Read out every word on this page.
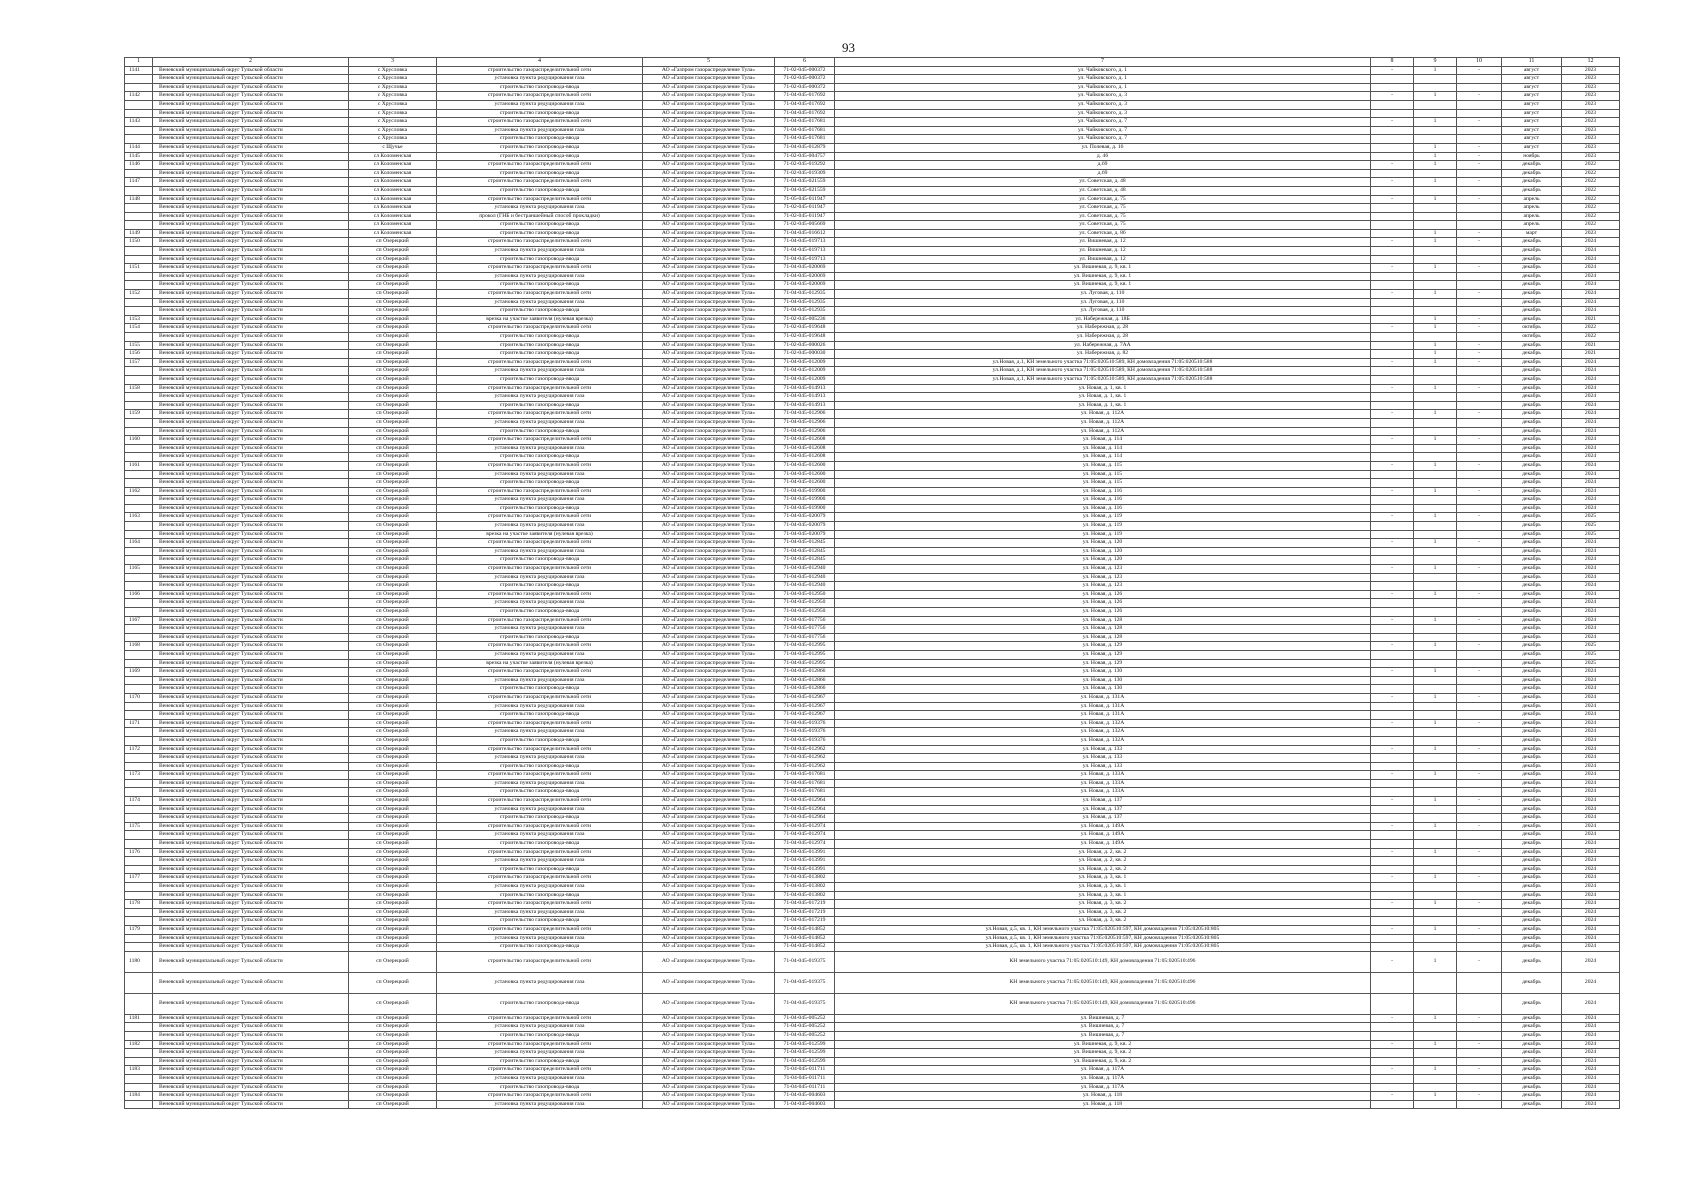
93
1	2	3	4	5	6	7	8	9	10	11	12
1141	Веневский муниципальный округ Тульской области	с Хрусловка	строительство газораспределительной сети	АО «Газпром газораспределение Тула»	71-02-045-000372	ул. Чайковского, д. 1	-	1	-	август	2023
	Веневский муниципальный округ Тульской области	с Хрусловка	установка пункта редуцирования газа	АО «Газпром газораспределение Тула»	71-02-045-000372	ул. Чайковского, д. 1				август	2023
	Веневский муниципальный округ Тульской области	с Хрусловка	строительство газопровода-ввода	АО «Газпром газораспределение Тула»	71-02-045-000372	ул. Чайковского, д. 1				август	2023
1142	Веневский муниципальный округ Тульской области	с Хрусловка	строительство газораспределительной сети	АО «Газпром газораспределение Тула»	71-04-045-017692	ул. Чайковского, д. 3	-	1	-	август	2023
	Веневский муниципальный округ Тульской области	с Хрусловка	установка пункта редуцирования газа	АО «Газпром газораспределение Тула»	71-04-045-017692	ул. Чайковского, д. 3				август	2023
	Веневский муниципальный округ Тульской области	с Хрусловка	строительство газопровода-ввода	АО «Газпром газораспределение Тула»	71-04-045-017692	ул. Чайковского, д. 3				август	2023
1143	Веневский муниципальный округ Тульской области	с Хрусловка	строительство газораспределительной сети	АО «Газпром газораспределение Тула»	71-04-045-017681	ул. Чайковского, д. 7	-	1	-	август	2023
	Веневский муниципальный округ Тульской области	с Хрусловка	установка пункта редуцирования газа	АО «Газпром газораспределение Тула»	71-04-045-017681	ул. Чайковского, д. 7				август	2023
	Веневский муниципальный округ Тульской области	с Хрусловка	строительство газопровода-ввода	АО «Газпром газораспределение Тула»	71-04-045-017681	ул. Чайковского, д. 7				август	2023
1144	Веневский муниципальный округ Тульской области	с Щучье	строительство газопровода-ввода	АО «Газпром газораспределение Тула»	71-04-045-012879	ул. Полевая, д. 16		1	-	август	2023
1145	Веневский муниципальный округ Тульской области	сл Коломенская	строительство газопровода-ввода	АО «Газпром газораспределение Тула»	71-02-045-004757	д. 46		1	-	ноябрь	2023
1146	Веневский муниципальный округ Тульской области	сл Коломенская	строительство газораспределительной сети	АО «Газпром газораспределение Тула»	71-02-045-019292	д.69	-	1	-	декабрь	2022
	Веневский муниципальный округ Тульской области	сл Коломенская	строительство газопровода-ввода	АО «Газпром газораспределение Тула»	71-02-045-019309	д.69				декабрь	2022
1147	Веневский муниципальный округ Тульской области	сл Коломенская	строительство газораспределительной сети	АО «Газпром газораспределение Тула»	71-04-045-021559	ул. Советская, д. 48	-	1	-	декабрь	2022
	Веневский муниципальный округ Тульской области	сл Коломенская	строительство газопровода-ввода	АО «Газпром газораспределение Тула»	71-04-045-021559	ул. Советская, д. 48				декабрь	2022
1148	Веневский муниципальный округ Тульской области	сл Коломенская	строительство газораспределительной сети	АО «Газпром газораспределение Тула»	71-05-045-011947	ул. Советская, д. 75	-	1	-	апрель	2022
	Веневский муниципальный округ Тульской области	сл Коломенская	установка пункта редуцирования газа	АО «Газпром газораспределение Тула»	71-02-045-011947	ул. Советская, д. 75				апрель	2022
	Веневский муниципальный округ Тульской области	сл Коломенская	прокол (ГНБ и бестраншейный способ прокладки)	АО «Газпром газораспределение Тула»	71-02-045-011947	ул. Советская, д. 75				апрель	2022
	Веневский муниципальный округ Тульской области	сл Коломенская	строительство газопровода-ввода	АО «Газпром газораспределение Тула»	71-02-045-005669	ул. Советская, д. 75				апрель	2022
1149	Веневский муниципальный округ Тульской области	сл Коломенская	строительство газопровода-ввода	АО «Газпром газораспределение Тула»	71-04-045-016612	ул. Советская, д. 86		1	-	март	2023
1150	Веневский муниципальный округ Тульской области	сп Озерецкий	строительство газораспределительной сети	АО «Газпром газораспределение Тула»	71-04-045-019713	ул. Вишневая, д. 12	-	1	-	декабрь	2024
	Веневский муниципальный округ Тульской области	сп Озерецкий	установка пункта редуцирования газа	АО «Газпром газораспределение Тула»	71-04-045-019713	ул. Вишневая, д. 12				декабрь	2024
	Веневский муниципальный округ Тульской области	сп Озерецкий	строительство газопровода-ввода	АО «Газпром газораспределение Тула»	71-04-045-019713	ул. Вишневая, д. 12				декабрь	2024
1151	Веневский муниципальный округ Тульской области	сп Озерецкий	строительство газораспределительной сети	АО «Газпром газораспределение Тула»	71-04-045-020069	ул. Вишневая, д. 9, кв. 1	-	1	-	декабрь	2024
	Веневский муниципальный округ Тульской области	сп Озерецкий	установка пункта редуцирования газа	АО «Газпром газораспределение Тула»	71-04-045-020069	ул. Вишневая, д. 9, кв. 1				декабрь	2024
	Веневский муниципальный округ Тульской области	сп Озерецкий	строительство газопровода-ввода	АО «Газпром газораспределение Тула»	71-04-045-020069	ул. Вишневая, д. 9, кв. 1				декабрь	2024
1152	Веневский муниципальный округ Тульской области	сп Озерецкий	строительство газораспределительной сети	АО «Газпром газораспределение Тула»	71-04-045-012935	ул. Луговая, д. 110	-	1	-	декабрь	2024
	Веневский муниципальный округ Тульской области	сп Озерецкий	установка пункта редуцирования газа	АО «Газпром газораспределение Тула»	71-04-045-012935	ул. Луговая, д. 110				декабрь	2024
	Веневский муниципальный округ Тульской области	сп Озерецкий	строительство газопровода-ввода	АО «Газпром газораспределение Тула»	71-04-045-012935	ул. Луговая, д. 110				декабрь	2024
1153	Веневский муниципальный округ Тульской области	сп Озерецкий	врезка на участке заявителя (нулевая врезка)	АО «Газпром газораспределение Тула»	71-02-045-005236	ул. Набережная, д. 18Б		1	-	декабрь	2021
1154	Веневский муниципальный округ Тульской области	сп Озерецкий	строительство газораспределительной сети	АО «Газпром газораспределение Тула»	71-02-045-019648	ул. Набережная, д. 28	-	1	-	октябрь	2022
	Веневский муниципальный округ Тульской области	сп Озерецкий	строительство газопровода-ввода	АО «Газпром газораспределение Тула»	71-02-045-019648	ул. Набережная, д. 28				октябрь	2022
1155	Веневский муниципальный округ Тульской области	сп Озерецкий	строительство газопровода-ввода	АО «Газпром газораспределение Тула»	71-02-045-000026	ул. Набережная, д. 7АА		1	-	декабрь	2021
1156	Веневский муниципальный округ Тульской области	сп Озерецкий	строительство газопровода-ввода	АО «Газпром газораспределение Тула»	71-02-045-000030	ул. Набережная, д. 82		1	-	декабрь	2021
1157	Веневский муниципальный округ Тульской области	сп Озерецкий	строительство газораспределительной сети	АО «Газпром газораспределение Тула»	71-04-045-012009	ул.Новая, д.1, КН земельного участка 71:05:020510:589, КН домовладения 71:05:020510:588	-	1	-	декабрь	2024
	Веневский муниципальный округ Тульской области	сп Озерецкий	установка пункта редуцирования газа	АО «Газпром газораспределение Тула»	71-04-045-012009	ул.Новая, д.1, КН земельного участка 71:05:020510:589, КН домовладения 71:05:020510:588				декабрь	2024
	Веневский муниципальный округ Тульской области	сп Озерецкий	строительство газопровода-ввода	АО «Газпром газораспределение Тула»	71-04-045-012009	ул.Новая, д.1, КН земельного участка 71:05:020510:589, КН домовладения 71:05:020510:588				декабрь	2024
1158	Веневский муниципальный округ Тульской области	сп Озерецкий	строительство газораспределительной сети	АО «Газпром газораспределение Тула»	71-04-045-014913	ул. Новая, д. 1, кв. 1	-	1	-	декабрь	2024
	Веневский муниципальный округ Тульской области	сп Озерецкий	установка пункта редуцирования газа	АО «Газпром газораспределение Тула»	71-04-045-014913	ул. Новая, д. 1, кв. 1				декабрь	2024
	Веневский муниципальный округ Тульской области	сп Озерецкий	строительство газопровода-ввода	АО «Газпром газораспределение Тула»	71-04-045-014913	ул. Новая, д. 1, кв. 1				декабрь	2024
1159	Веневский муниципальный округ Тульской области	сп Озерецкий	строительство газораспределительной сети	АО «Газпром газораспределение Тула»	71-04-045-012906	ул. Новая, д. 112А	-	1	-	декабрь	2024
	Веневский муниципальный округ Тульской области	сп Озерецкий	установка пункта редуцирования газа	АО «Газпром газораспределение Тула»	71-04-045-012906	ул. Новая, д. 112А				декабрь	2024
	Веневский муниципальный округ Тульской области	сп Озерецкий	строительство газопровода-ввода	АО «Газпром газораспределение Тула»	71-04-045-012906	ул. Новая, д. 112А				декабрь	2024
1160	Веневский муниципальный округ Тульской области	сп Озерецкий	строительство газораспределительной сети	АО «Газпром газораспределение Тула»	71-04-045-012608	ул. Новая, д. 114	-	1	-	декабрь	2024
	Веневский муниципальный округ Тульской области	сп Озерецкий	установка пункта редуцирования газа	АО «Газпром газораспределение Тула»	71-04-045-012608	ул. Новая, д. 114				декабрь	2024
	Веневский муниципальный округ Тульской области	сп Озерецкий	строительство газопровода-ввода	АО «Газпром газораспределение Тула»	71-04-045-012608	ул. Новая, д. 114				декабрь	2024
1161	Веневский муниципальный округ Тульской области	сп Озерецкий	строительство газораспределительной сети	АО «Газпром газораспределение Тула»	71-04-045-012600	ул. Новая, д. 115	-	1	-	декабрь	2024
	Веневский муниципальный округ Тульской области	сп Озерецкий	установка пункта редуцирования газа	АО «Газпром газораспределение Тула»	71-04-045-012600	ул. Новая, д. 115				декабрь	2024
	Веневский муниципальный округ Тульской области	сп Озерецкий	строительство газопровода-ввода	АО «Газпром газораспределение Тула»	71-04-045-012600	ул. Новая, д. 115				декабрь	2024
1162	Веневский муниципальный округ Тульской области	сп Озерецкий	строительство газораспределительной сети	АО «Газпром газораспределение Тула»	71-04-045-019900	ул. Новая, д. 116	-	1	-	декабрь	2024
	Веневский муниципальный округ Тульской области	сп Озерецкий	установка пункта редуцирования газа	АО «Газпром газораспределение Тула»	71-04-045-019900	ул. Новая, д. 116				декабрь	2024
	Веневский муниципальный округ Тульской области	сп Озерецкий	строительство газопровода-ввода	АО «Газпром газораспределение Тула»	71-04-045-019900	ул. Новая, д. 116				декабрь	2024
1163	Веневский муниципальный округ Тульской области	сп Озерецкий	строительство газораспределительной сети	АО «Газпром газораспределение Тула»	71-04-045-020079	ул. Новая, д. 119	-	1	-	декабрь	2025
	Веневский муниципальный округ Тульской области	сп Озерецкий	установка пункта редуцирования газа	АО «Газпром газораспределение Тула»	71-04-045-020079	ул. Новая, д. 119				декабрь	2025
	Веневский муниципальный округ Тульской области	сп Озерецкий	врезка на участке заявителя (нулевая врезка)	АО «Газпром газораспределение Тула»	71-04-045-020079	ул. Новая, д. 119				декабрь	2025
1164	Веневский муниципальный округ Тульской области	сп Озерецкий	строительство газораспределительной сети	АО «Газпром газораспределение Тула»	71-04-045-012845	ул. Новая, д. 120	-	1	-	декабрь	2024
	Веневский муниципальный округ Тульской области	сп Озерецкий	установка пункта редуцирования газа	АО «Газпром газораспределение Тула»	71-04-045-012845	ул. Новая, д. 120				декабрь	2024
	Веневский муниципальный округ Тульской области	сп Озерецкий	строительство газопровода-ввода	АО «Газпром газораспределение Тула»	71-04-045-012845	ул. Новая, д. 120				декабрь	2024
1165	Веневский муниципальный округ Тульской области	сп Озерецкий	строительство газораспределительной сети	АО «Газпром газораспределение Тула»	71-04-045-012940	ул. Новая, д. 123	-	1	-	декабрь	2024
	Веневский муниципальный округ Тульской области	сп Озерецкий	установка пункта редуцирования газа	АО «Газпром газораспределение Тула»	71-04-045-012940	ул. Новая, д. 123				декабрь	2024
	Веневский муниципальный округ Тульской области	сп Озерецкий	строительство газопровода-ввода	АО «Газпром газораспределение Тула»	71-04-045-012940	ул. Новая, д. 123				декабрь	2024
1166	Веневский муниципальный округ Тульской области	сп Озерецкий	строительство газораспределительной сети	АО «Газпром газораспределение Тула»	71-04-045-012950	ул. Новая, д. 126	-	1	-	декабрь	2024
	Веневский муниципальный округ Тульской области	сп Озерецкий	установка пункта редуцирования газа	АО «Газпром газораспределение Тула»	71-04-045-012950	ул. Новая, д. 126				декабрь	2024
	Веневский муниципальный округ Тульской области	сп Озерецкий	строительство газопровода-ввода	АО «Газпром газораспределение Тула»	71-04-045-012950	ул. Новая, д. 126				декабрь	2024
1167	Веневский муниципальный округ Тульской области	сп Озерецкий	строительство газораспределительной сети	АО «Газпром газораспределение Тула»	71-04-045-017756	ул. Новая, д. 128	-	1	-	декабрь	2024
	Веневский муниципальный округ Тульской области	сп Озерецкий	установка пункта редуцирования газа	АО «Газпром газораспределение Тула»	71-04-045-017756	ул. Новая, д. 128				декабрь	2024
	Веневский муниципальный округ Тульской области	сп Озерецкий	строительство газопровода-ввода	АО «Газпром газораспределение Тула»	71-04-045-017756	ул. Новая, д. 128				декабрь	2024
1168	Веневский муниципальный округ Тульской области	сп Озерецкий	строительство газораспределительной сети	АО «Газпром газораспределение Тула»	71-04-045-012995	ул. Новая, д. 129	-	1	-	декабрь	2025
	Веневский муниципальный округ Тульской области	сп Озерецкий	установка пункта редуцирования газа	АО «Газпром газораспределение Тула»	71-04-045-012995	ул. Новая, д. 129				декабрь	2025
	Веневский муниципальный округ Тульской области	сп Озерецкий	врезка на участке заявителя (нулевая врезка)	АО «Газпром газораспределение Тула»	71-04-045-012995	ул. Новая, д. 129				декабрь	2025
1169	Веневский муниципальный округ Тульской области	сп Озерецкий	строительство газораспределительной сети	АО «Газпром газораспределение Тула»	71-04-045-012866	ул. Новая, д. 130	-	1	-	декабрь	2024
	Веневский муниципальный округ Тульской области	сп Озерецкий	установка пункта редуцирования газа	АО «Газпром газораспределение Тула»	71-04-045-012866	ул. Новая, д. 130				декабрь	2024
	Веневский муниципальный округ Тульской области	сп Озерецкий	строительство газопровода-ввода	АО «Газпром газораспределение Тула»	71-04-045-012866	ул. Новая, д. 130				декабрь	2024
1170	Веневский муниципальный округ Тульской области	сп Озерецкий	строительство газораспределительной сети	АО «Газпром газораспределение Тула»	71-04-045-012967	ул. Новая, д. 131А	-	1	-	декабрь	2024
	Веневский муниципальный округ Тульской области	сп Озерецкий	установка пункта редуцирования газа	АО «Газпром газораспределение Тула»	71-04-045-012967	ул. Новая, д. 131А				декабрь	2024
	Веневский муниципальный округ Тульской области	сп Озерецкий	строительство газопровода-ввода	АО «Газпром газораспределение Тула»	71-04-045-012967	ул. Новая, д. 131А				декабрь	2024
1171	Веневский муниципальный округ Тульской области	сп Озерецкий	строительство газораспределительной сети	АО «Газпром газораспределение Тула»	71-04-045-019376	ул. Новая, д. 132А	-	1	-	декабрь	2024
	Веневский муниципальный округ Тульской области	сп Озерецкий	установка пункта редуцирования газа	АО «Газпром газораспределение Тула»	71-04-045-019376	ул. Новая, д. 132А				декабрь	2024
	Веневский муниципальный округ Тульской области	сп Озерецкий	строительство газопровода-ввода	АО «Газпром газораспределение Тула»	71-04-045-019376	ул. Новая, д. 132А				декабрь	2024
1172	Веневский муниципальный округ Тульской области	сп Озерецкий	строительство газораспределительной сети	АО «Газпром газораспределение Тула»	71-04-045-012962	ул. Новая, д. 133	-	1	-	декабрь	2024
	Веневский муниципальный округ Тульской области	сп Озерецкий	установка пункта редуцирования газа	АО «Газпром газораспределение Тула»	71-04-045-012962	ул. Новая, д. 133				декабрь	2024
	Веневский муниципальный округ Тульской области	сп Озерецкий	строительство газопровода-ввода	АО «Газпром газораспределение Тула»	71-04-045-012962	ул. Новая, д. 133				декабрь	2024
1173	Веневский муниципальный округ Тульской области	сп Озерецкий	строительство газораспределительной сети	АО «Газпром газораспределение Тула»	71-04-045-017681	ул. Новая, д. 133А	-	1	-	декабрь	2024
	Веневский муниципальный округ Тульской области	сп Озерецкий	установка пункта редуцирования газа	АО «Газпром газораспределение Тула»	71-04-045-017681	ул. Новая, д. 133А				декабрь	2024
	Веневский муниципальный округ Тульской области	сп Озерецкий	строительство газопровода-ввода	АО «Газпром газораспределение Тула»	71-04-045-017681	ул. Новая, д. 133А				декабрь	2024
1174	Веневский муниципальный округ Тульской области	сп Озерецкий	строительство газораспределительной сети	АО «Газпром газораспределение Тула»	71-04-045-012964	ул. Новая, д. 137	-	1	-	декабрь	2024
	Веневский муниципальный округ Тульской области	сп Озерецкий	установка пункта редуцирования газа	АО «Газпром газораспределение Тула»	71-04-045-012964	ул. Новая, д. 137				декабрь	2024
	Веневский муниципальный округ Тульской области	сп Озерецкий	строительство газопровода-ввода	АО «Газпром газораспределение Тула»	71-04-045-012964	ул. Новая, д. 137				декабрь	2024
1175	Веневский муниципальный округ Тульской области	сп Озерецкий	строительство газораспределительной сети	АО «Газпром газораспределение Тула»	71-04-045-012974	ул. Новая, д. 149А	-	1	-	декабрь	2024
	Веневский муниципальный округ Тульской области	сп Озерецкий	установка пункта редуцирования газа	АО «Газпром газораспределение Тула»	71-04-045-012974	ул. Новая, д. 149А				декабрь	2024
	Веневский муниципальный округ Тульской области	сп Озерецкий	строительство газопровода-ввода	АО «Газпром газораспределение Тула»	71-04-045-012974	ул. Новая, д. 149А				декабрь	2024
1176	Веневский муниципальный округ Тульской области	сп Озерецкий	строительство газораспределительной сети	АО «Газпром газораспределение Тула»	71-04-045-013991	ул. Новая, д. 2, кв. 2	-	1	-	декабрь	2024
	Веневский муниципальный округ Тульской области	сп Озерецкий	установка пункта редуцирования газа	АО «Газпром газораспределение Тула»	71-04-045-013991	ул. Новая, д. 2, кв. 2				декабрь	2024
	Веневский муниципальный округ Тульской области	сп Озерецкий	строительство газопровода-ввода	АО «Газпром газораспределение Тула»	71-04-045-013991	ул. Новая, д. 2, кв. 2				декабрь	2024
1177	Веневский муниципальный округ Тульской области	сп Озерецкий	строительство газораспределительной сети	АО «Газпром газораспределение Тула»	71-04-045-013802	ул. Новая, д. 3, кв. 1	-	1	-	декабрь	2024
	Веневский муниципальный округ Тульской области	сп Озерецкий	установка пункта редуцирования газа	АО «Газпром газораспределение Тула»	71-04-045-013802	ул. Новая, д. 3, кв. 1				декабрь	2024
	Веневский муниципальный округ Тульской области	сп Озерецкий	строительство газопровода-ввода	АО «Газпром газораспределение Тула»	71-04-045-013802	ул. Новая, д. 3, кв. 1				декабрь	2024
1178	Веневский муниципальный округ Тульской области	сп Озерецкий	строительство газораспределительной сети	АО «Газпром газораспределение Тула»	71-04-045-017219	ул. Новая, д. 3, кв. 2	-	1	-	декабрь	2024
	Веневский муниципальный округ Тульской области	сп Озерецкий	установка пункта редуцирования газа	АО «Газпром газораспределение Тула»	71-04-045-017219	ул. Новая, д. 3, кв. 2				декабрь	2024
	Веневский муниципальный округ Тульской области	сп Озерецкий	строительство газопровода-ввода	АО «Газпром газораспределение Тула»	71-04-045-017219	ул. Новая, д. 3, кв. 2				декабрь	2024
1179	Веневский муниципальный округ Тульской области	сп Озерецкий	строительство газораспределительной сети	АО «Газпром газораспределение Тула»	71-04-045-014852	ул.Новая, д.5, кв. 1, КН земельного участка 71:05:020510:597, КН домовладения 71:05:020510:805	-	1	-	декабрь	2024
	Веневский муниципальный округ Тульской области	сп Озерецкий	установка пункта редуцирования газа	АО «Газпром газораспределение Тула»	71-04-045-014852	ул.Новая, д.5, кв. 1, КН земельного участка 71:05:020510:597, КН домовладения 71:05:020510:805				декабрь	2024
	Веневский муниципальный округ Тульской области	сп Озерецкий	строительство газопровода-ввода	АО «Газпром газораспределение Тула»	71-04-045-014852	ул.Новая, д.5, кв. 1, КН земельного участка 71:05:020510:597, КН домовладения 71:05:020510:805				декабрь	2024
1180	Веневский муниципальный округ Тульской области	сп Озерецкий	строительство газораспределительной сети	АО «Газпром газораспределение Тула»	71-04-045-019375	КН земельного участка 71:05:020510:149, КН домовладения 71:05:020510:496	-	1	-	декабрь	2024
	Веневский муниципальный округ Тульской области	сп Озерецкий	установка пункта редуцирования газа	АО «Газпром газораспределение Тула»	71-04-045-019375	КН земельного участка 71:05:020510:149, КН домовладения 71:05:020510:496				декабрь	2024
	Веневский муниципальный округ Тульской области	сп Озерецкий	строительство газопровода-ввода	АО «Газпром газораспределение Тула»	71-04-045-019375	КН земельного участка 71:05:020510:149, КН домовладения 71:05:020510:496				декабрь	2024
1181	Веневский муниципальный округ Тульской области	сп Озерецкий	строительство газораспределительной сети	АО «Газпром газораспределение Тула»	71-04-045-005252	ул. Вишневая, д. 7	-	1	-	декабрь	2024
	Веневский муниципальный округ Тульской области	сп Озерецкий	установка пункта редуцирования газа	АО «Газпром газораспределение Тула»	71-04-045-005252	ул. Вишневая, д. 7				декабрь	2024
	Веневский муниципальный округ Тульской области	сп Озерецкий	строительство газопровода-ввода	АО «Газпром газораспределение Тула»	71-04-045-005252	ул. Вишневая, д. 7				декабрь	2024
1182	Веневский муниципальный округ Тульской области	сп Озерецкий	строительство газораспределительной сети	АО «Газпром газораспределение Тула»	71-04-045-012599	ул. Вишневая, д. 9, кв. 2	-	1	-	декабрь	2024
	Веневский муниципальный округ Тульской области	сп Озерецкий	установка пункта редуцирования газа	АО «Газпром газораспределение Тула»	71-04-045-012599	ул. Вишневая, д. 9, кв. 2				декабрь	2024
	Веневский муниципальный округ Тульской области	сп Озерецкий	строительство газопровода-ввода	АО «Газпром газораспределение Тула»	71-04-045-012599	ул. Вишневая, д. 9, кв. 2				декабрь	2024
1183	Веневский муниципальный округ Тульской области	сп Озерецкий	строительство газораспределительной сети	АО «Газпром газораспределение Тула»	71-04-045-011711	ул. Новая, д. 117А	-	1	-	декабрь	2024
	Веневский муниципальный округ Тульской области	сп Озерецкий	установка пункта редуцирования газа	АО «Газпром газораспределение Тула»	71-04-045-011711	ул. Новая, д. 117А				декабрь	2024
	Веневский муниципальный округ Тульской области	сп Озерецкий	строительство газопровода-ввода	АО «Газпром газораспределение Тула»	71-04-045-011711	ул. Новая, д. 117А				декабрь	2024
1184	Веневский муниципальный округ Тульской области	сп Озерецкий	строительство газораспределительной сети	АО «Газпром газораспределение Тула»	71-04-045-004603	ул. Новая, д. 118	-	1	-	декабрь	2024
	Веневский муниципальный округ Тульской области	сп Озерецкий	установка пункта редуцирования газа	АО «Газпром газораспределение Тула»	71-04-045-004603	ул. Новая, д. 118				декабрь	2024
